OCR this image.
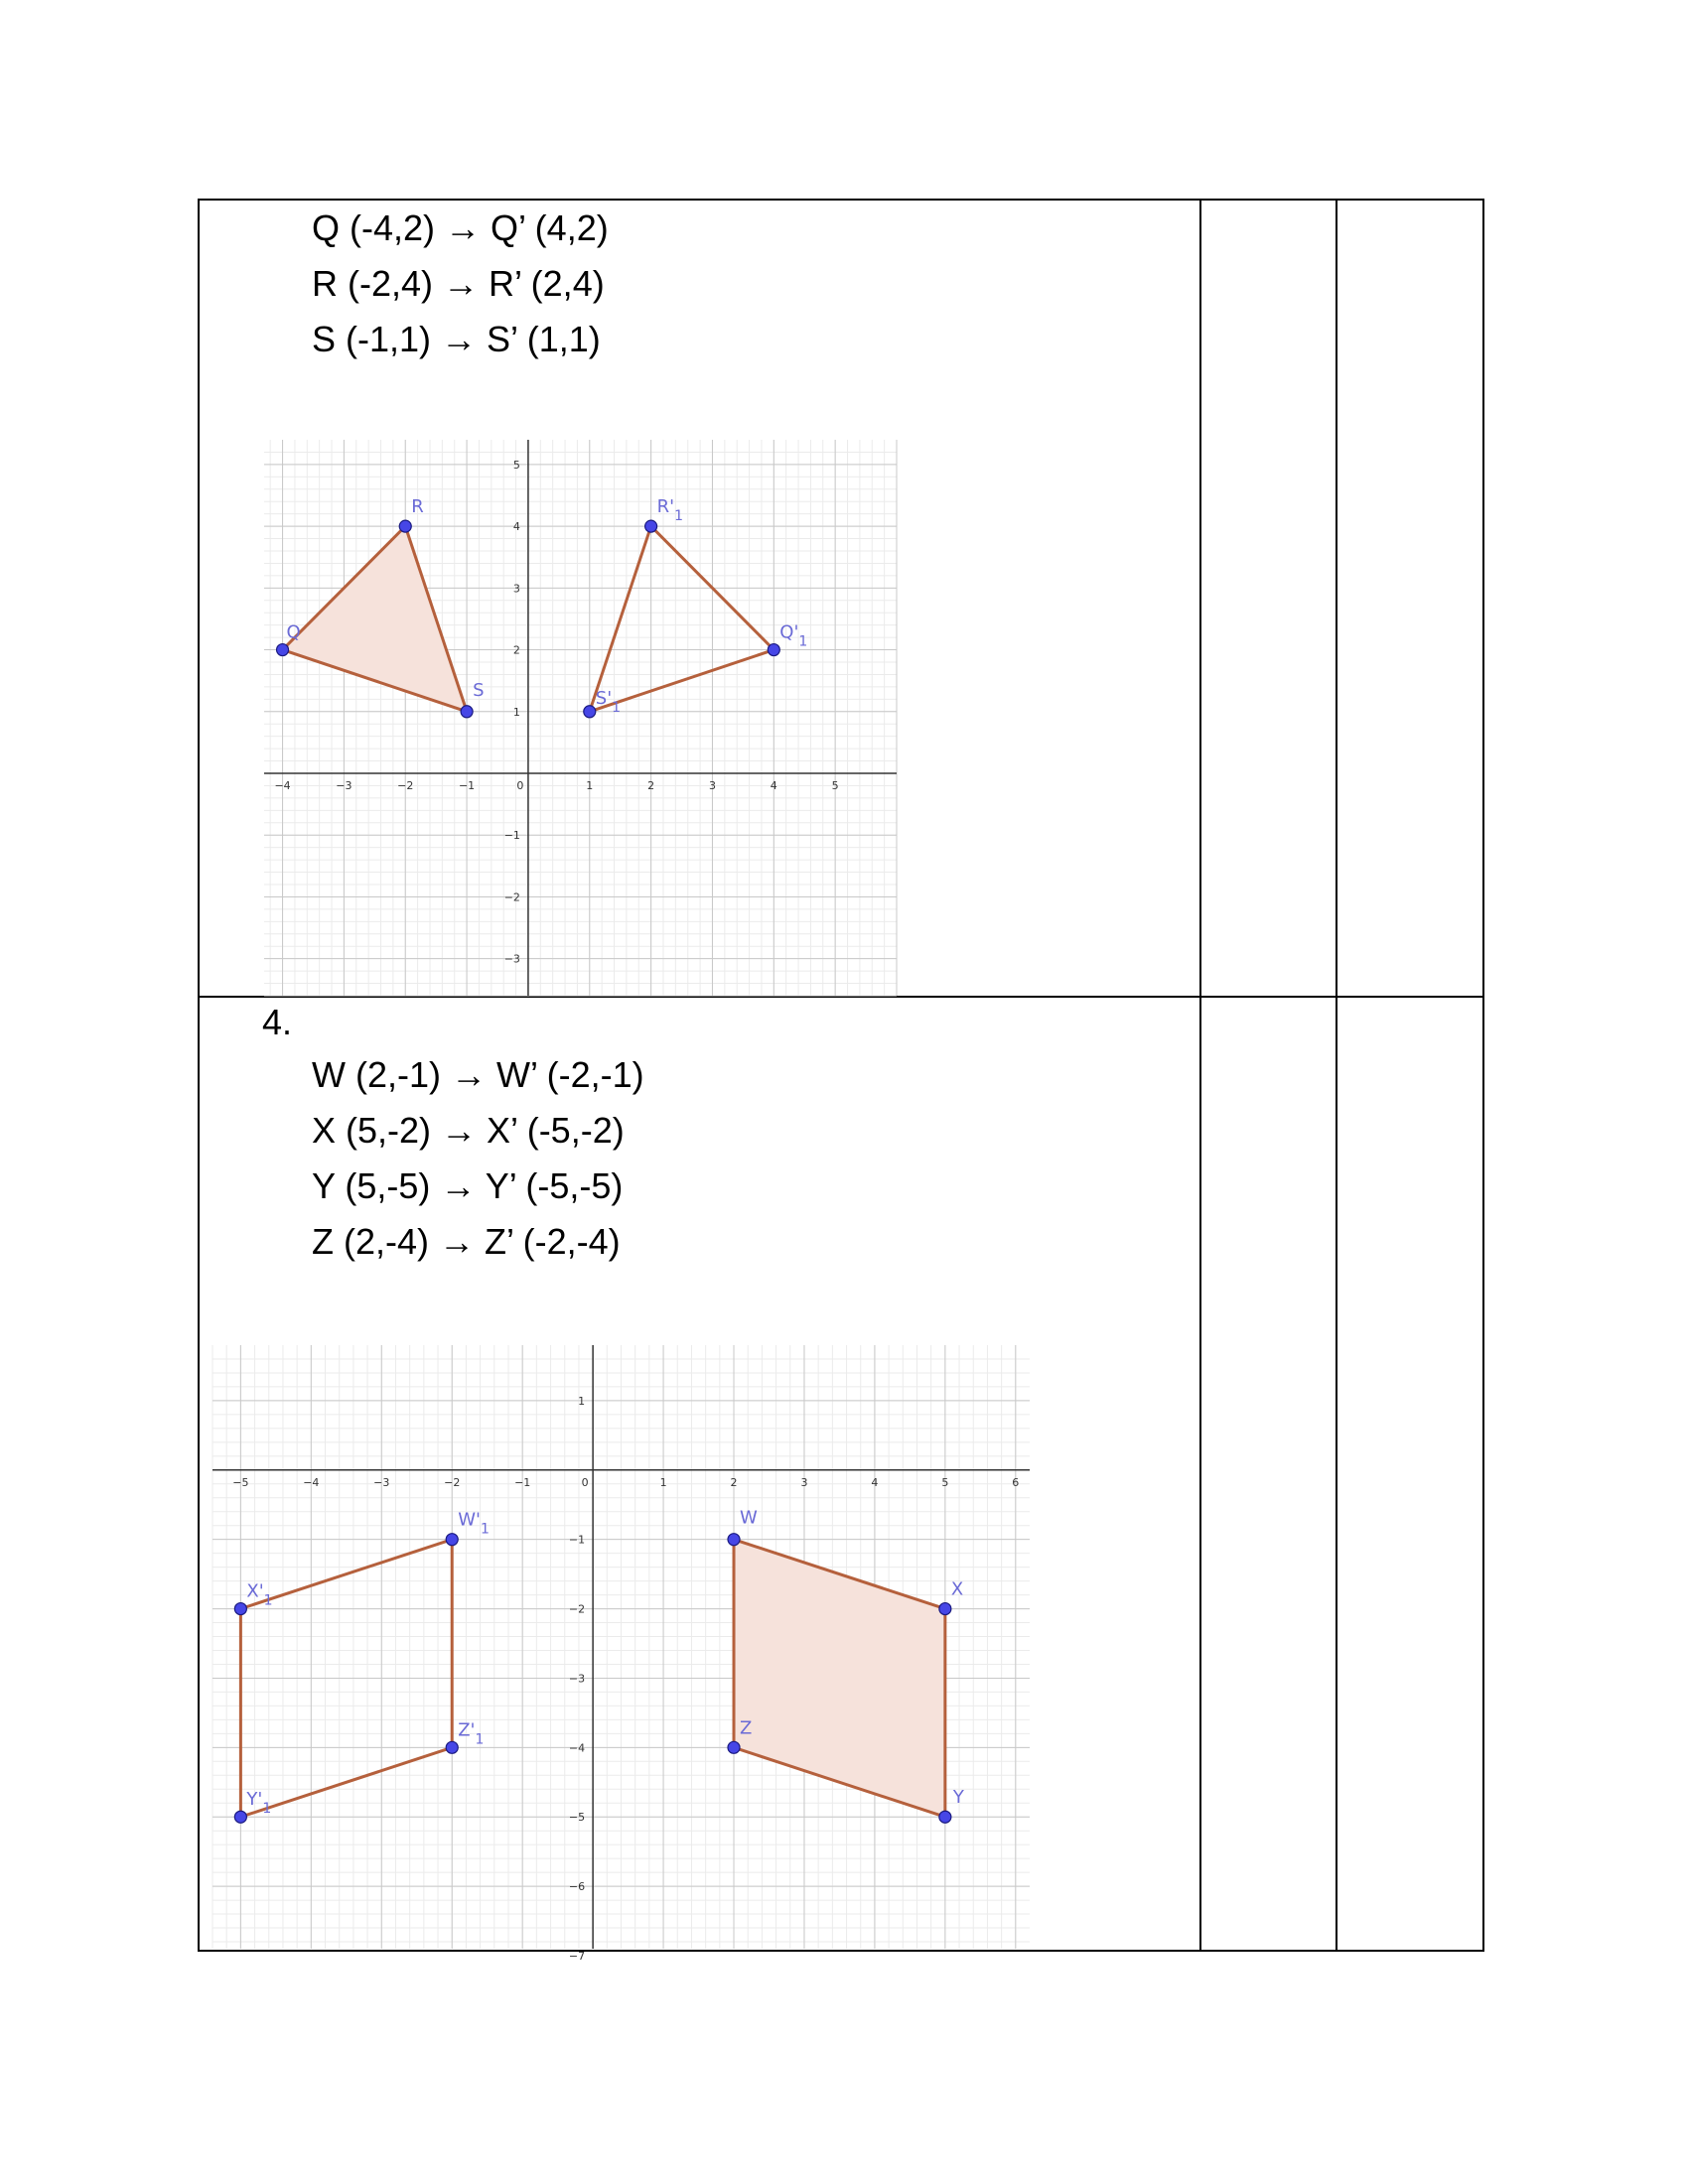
Q (-4,2) → Q’ (4,2)
R (-2,4) → R’ (2,4)
S (-1,1) → S’ (1,1)
4.
W (2,-1) → W’ (-2,-1)
X (5,-2) → X’ (-5,-2)
Y (5,-5) → Y’ (-5,-5)
Z (2,-4) → Z’ (-2,-4)
−4	−3	−2	−1	0	1	2	3	4	5
5
4
3
2
1
−1
−2
−3
Q
R
S
$Q'_1$
$R'_1$
$S'_1$
−5	−4	−3	−2	−1	0	1	2	3	4	5	6
1
−1
−2
−3
−4
−5
−6
−7
$W'_1$
$X'_1$
$Y'_1$
$Z'_1$
W
X
Y
Z
